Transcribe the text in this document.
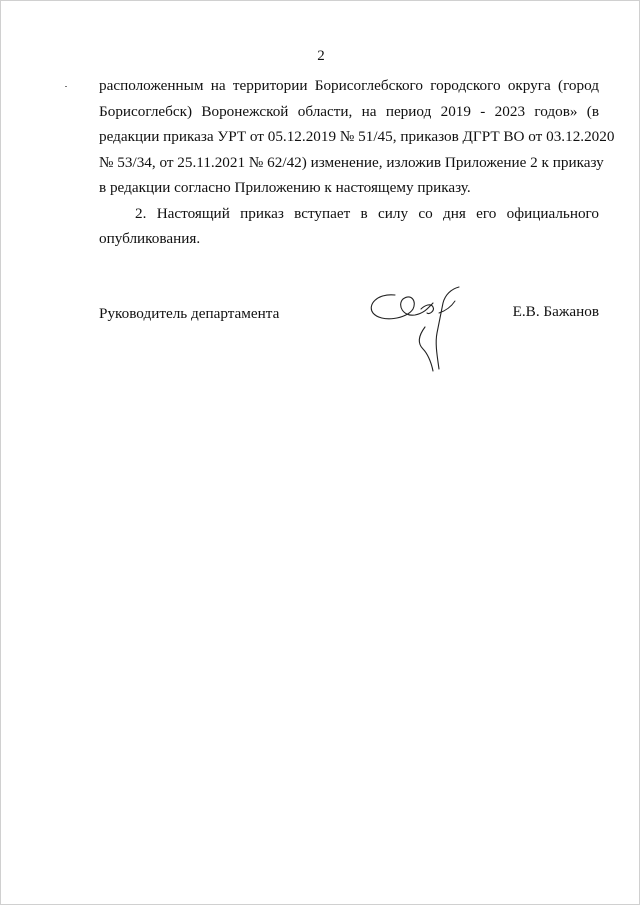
2
расположенным на территории Борисоглебского городского округа (город
Борисоглебск) Воронежской области, на период 2019 - 2023 годов» (в
редакции приказа УРТ от 05.12.2019 № 51/45, приказов ДГРТ ВО от 03.12.2020
№ 53/34, от 25.11.2021 № 62/42) изменение, изложив Приложение 2 к приказу
в редакции согласно Приложению к настоящему приказу.
2. Настоящий приказ вступает в силу со дня его официального
опубликования.
Руководитель департамента	Е.В. Бажанов
